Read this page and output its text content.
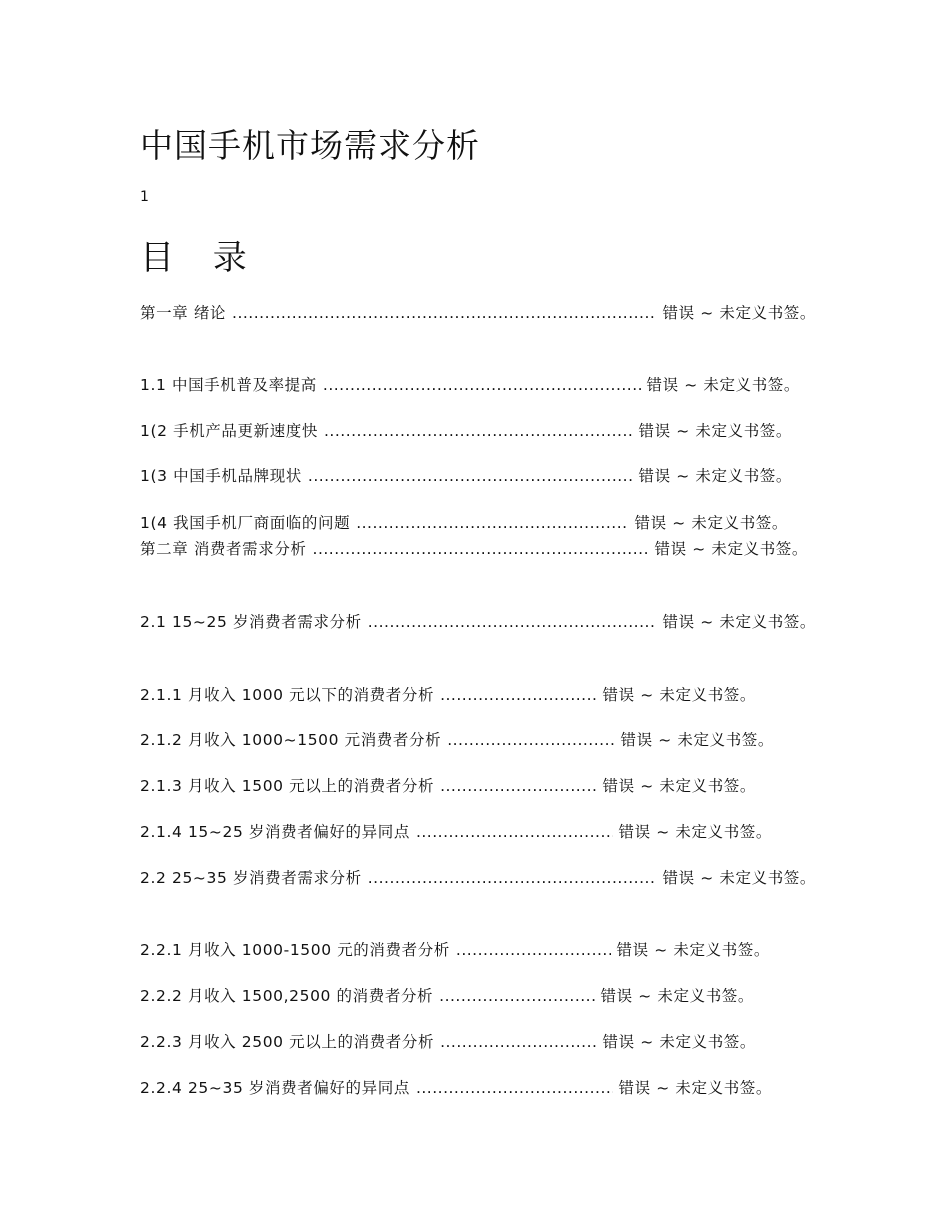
中国手机市场需求分析
1
目 录
第一章 绪论 .....	错误 ~ 未定义书签。
1.1 中国手机普及率提高 .....	错误 ~ 未定义书签。
1(2 手机产品更新速度快 .....	错误 ~ 未定义书签。
1(3 中国手机品牌现状 .....	错误 ~ 未定义书签。
1(4 我国手机厂商面临的问题 .....	错误 ~ 未定义书签。
第二章 消费者需求分析 .....	错误 ~ 未定义书签。
2.1 15~25 岁消费者需求分析 .....	错误 ~ 未定义书签。
2.1.1 月收入 1000 元以下的消费者分析 .....	错误 ~ 未定义书签。
2.1.2 月收入 1000~1500 元消费者分析 .....	错误 ~ 未定义书签。
2.1.3 月收入 1500 元以上的消费者分析 .....	错误 ~ 未定义书签。
2.1.4 15~25 岁消费者偏好的异同点 .....	错误 ~ 未定义书签。
2.2 25~35 岁消费者需求分析 .....	错误 ~ 未定义书签。
2.2.1 月收入 1000-1500 元的消费者分析 .....	错误 ~ 未定义书签。
2.2.2 月收入 1500,2500 的消费者分析 .....	错误 ~ 未定义书签。
2.2.3 月收入 2500 元以上的消费者分析 .....	错误 ~ 未定义书签。
2.2.4 25~35 岁消费者偏好的异同点 .....	错误 ~ 未定义书签。
